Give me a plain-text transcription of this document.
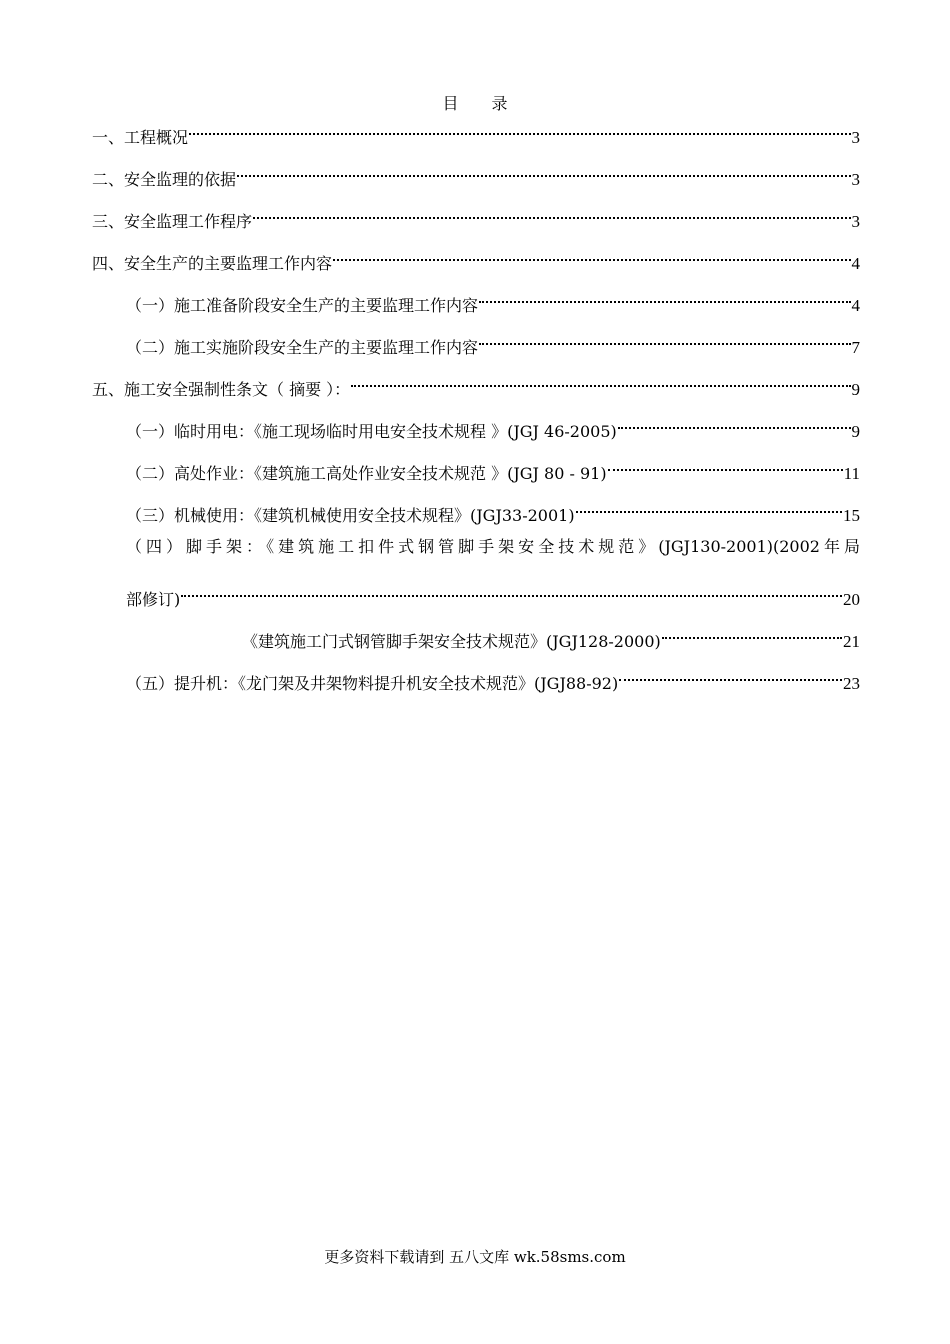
目 录
一、工程概况	3
二、安全监理的依据	3
三、安全监理工作程序	3
四、安全生产的主要监理工作内容	4
（一）施工准备阶段安全生产的主要监理工作内容	4
（二）施工实施阶段安全生产的主要监理工作内容	7
五、施工安全强制性条文（ 摘要 ）：	9
（一）临时用电：《施工现场临时用电安全技术规程 》(JGJ 46-2005)	9
（二）高处作业：《建筑施工高处作业安全技术规范 》(JGJ 80 - 91)	11
（三）机械使用：《建筑机械使用安全技术规程》(JGJ33-2001)	15
（四）脚手架：《建筑施工扣件式钢管脚手架安全技术规范》(JGJ130-2001)(2002年局
部修订)	20
《建筑施工门式钢管脚手架安全技术规范》(JGJ128-2000)	21
（五）提升机：《龙门架及井架物料提升机安全技术规范》(JGJ88-92)	23
更多资料下载请到 五八文库 wk.58sms.com
